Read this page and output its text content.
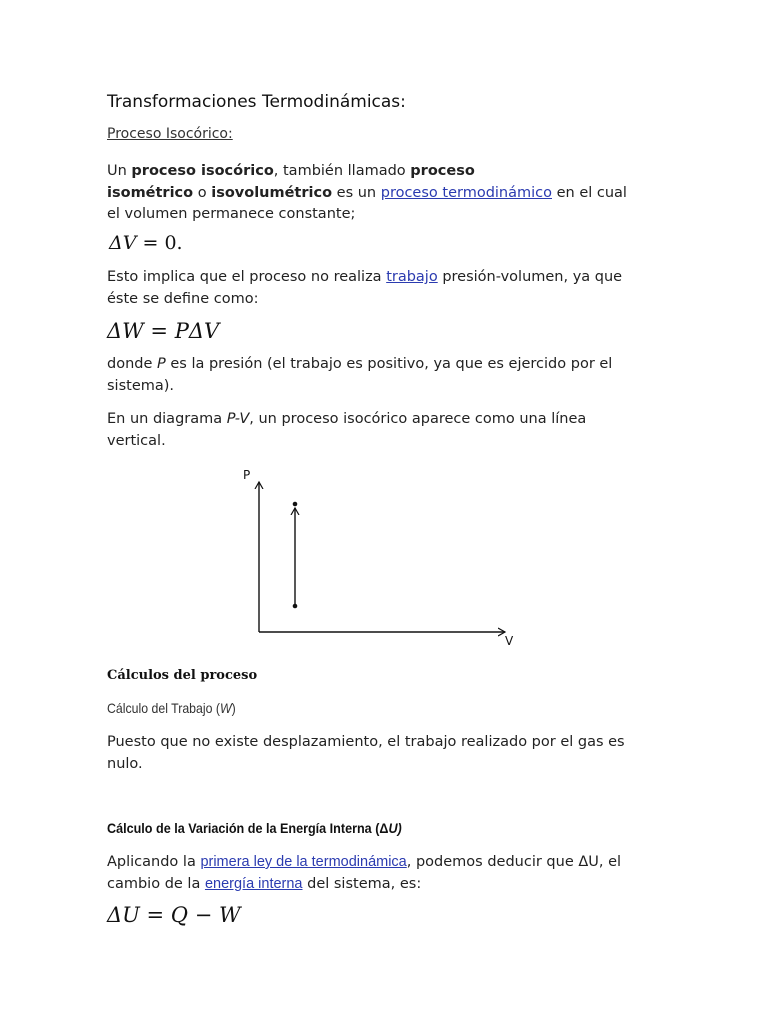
Transformaciones Termodinámicas:
Proceso Isocórico:
Un proceso isocórico, también llamado proceso
isométrico o isovolumétrico es un proceso termodinámico en el cual
el volumen permanece constante;
ΔV = 0.
Esto implica que el proceso no realiza trabajo presión-volumen, ya que
éste se define como:
ΔW = PΔV
donde P es la presión (el trabajo es positivo, ya que es ejercido por el
sistema).
En un diagrama P-V, un proceso isocórico aparece como una línea
vertical.
P
V
Cálculos del proceso
Cálculo del Trabajo (W)
Puesto que no existe desplazamiento, el trabajo realizado por el gas es
nulo.
Cálculo de la Variación de la Energía Interna (ΔU)
Aplicando la primera ley de la termodinámica, podemos deducir que ΔU, el
cambio de la energía interna del sistema, es:
ΔU = Q − W
